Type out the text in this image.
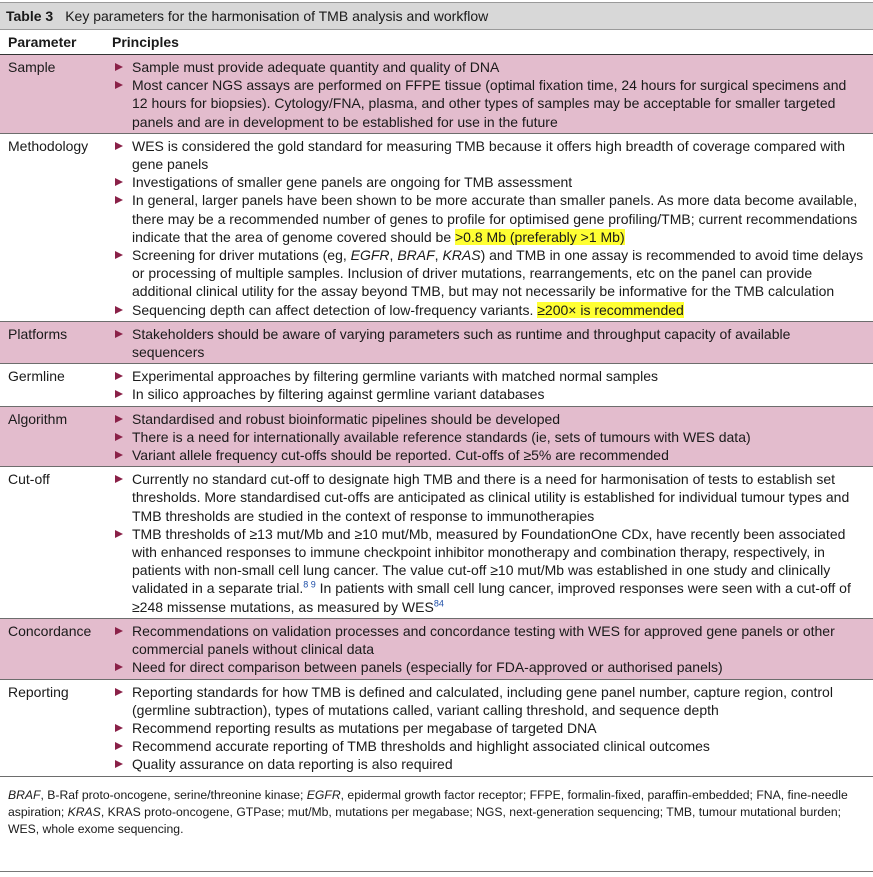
Table 3 Key parameters for the harmonisation of TMB analysis and workflow
Parameter	Principles
Sample	Sample must provide adequate quantity and quality of DNA
Most cancer NGS assays are performed on FFPE tissue (optimal fixation time, 24 hours for surgical specimens and 12 hours for biopsies). Cytology/FNA, plasma, and other types of samples may be acceptable for smaller targeted panels and are in development to be established for use in the future
Methodology	WES is considered the gold standard for measuring TMB because it offers high breadth of coverage compared with gene panels
Investigations of smaller gene panels are ongoing for TMB assessment
In general, larger panels have been shown to be more accurate than smaller panels. As more data become available, there may be a recommended number of genes to profile for optimised gene profiling/TMB; current recommendations indicate that the area of genome covered should be >0.8 Mb (preferably >1 Mb)
Screening for driver mutations (eg, EGFR, BRAF, KRAS) and TMB in one assay is recommended to avoid time delays or processing of multiple samples. Inclusion of driver mutations, rearrangements, etc on the panel can provide additional clinical utility for the assay beyond TMB, but may not necessarily be informative for the TMB calculation
Sequencing depth can affect detection of low-frequency variants. ≥200× is recommended
Platforms	Stakeholders should be aware of varying parameters such as runtime and throughput capacity of available sequencers
Germline	Experimental approaches by filtering germline variants with matched normal samples
In silico approaches by filtering against germline variant databases
Algorithm	Standardised and robust bioinformatic pipelines should be developed
There is a need for internationally available reference standards (ie, sets of tumours with WES data)
Variant allele frequency cut-offs should be reported. Cut-offs of ≥5% are recommended
Cut-off	Currently no standard cut-off to designate high TMB and there is a need for harmonisation of tests to establish set thresholds. More standardised cut-offs are anticipated as clinical utility is established for individual tumour types and TMB thresholds are studied in the context of response to immunotherapies
TMB thresholds of ≥13 mut/Mb and ≥10 mut/Mb, measured by FoundationOne CDx, have recently been associated with enhanced responses to immune checkpoint inhibitor monotherapy and combination therapy, respectively, in patients with non-small cell lung cancer. The value cut-off ≥10 mut/Mb was established in one study and clinically validated in a separate trial.$^{8 9}$ In patients with small cell lung cancer, improved responses were seen with a cut-off of ≥248 missense mutations, as measured by WES$^{84}$
Concordance	Recommendations on validation processes and concordance testing with WES for approved gene panels or other commercial panels without clinical data
Need for direct comparison between panels (especially for FDA-approved or authorised panels)
Reporting	Reporting standards for how TMB is defined and calculated, including gene panel number, capture region, control (germline subtraction), types of mutations called, variant calling threshold, and sequence depth
Recommend reporting results as mutations per megabase of targeted DNA
Recommend accurate reporting of TMB thresholds and highlight associated clinical outcomes
Quality assurance on data reporting is also required
BRAF, B-Raf proto-oncogene, serine/threonine kinase; EGFR, epidermal growth factor receptor; FFPE, formalin-fixed, paraffin-embedded; FNA, fine-needle aspiration; KRAS, KRAS proto-oncogene, GTPase; mut/Mb, mutations per megabase; NGS, next-generation sequencing; TMB, tumour mutational burden; WES, whole exome sequencing.
